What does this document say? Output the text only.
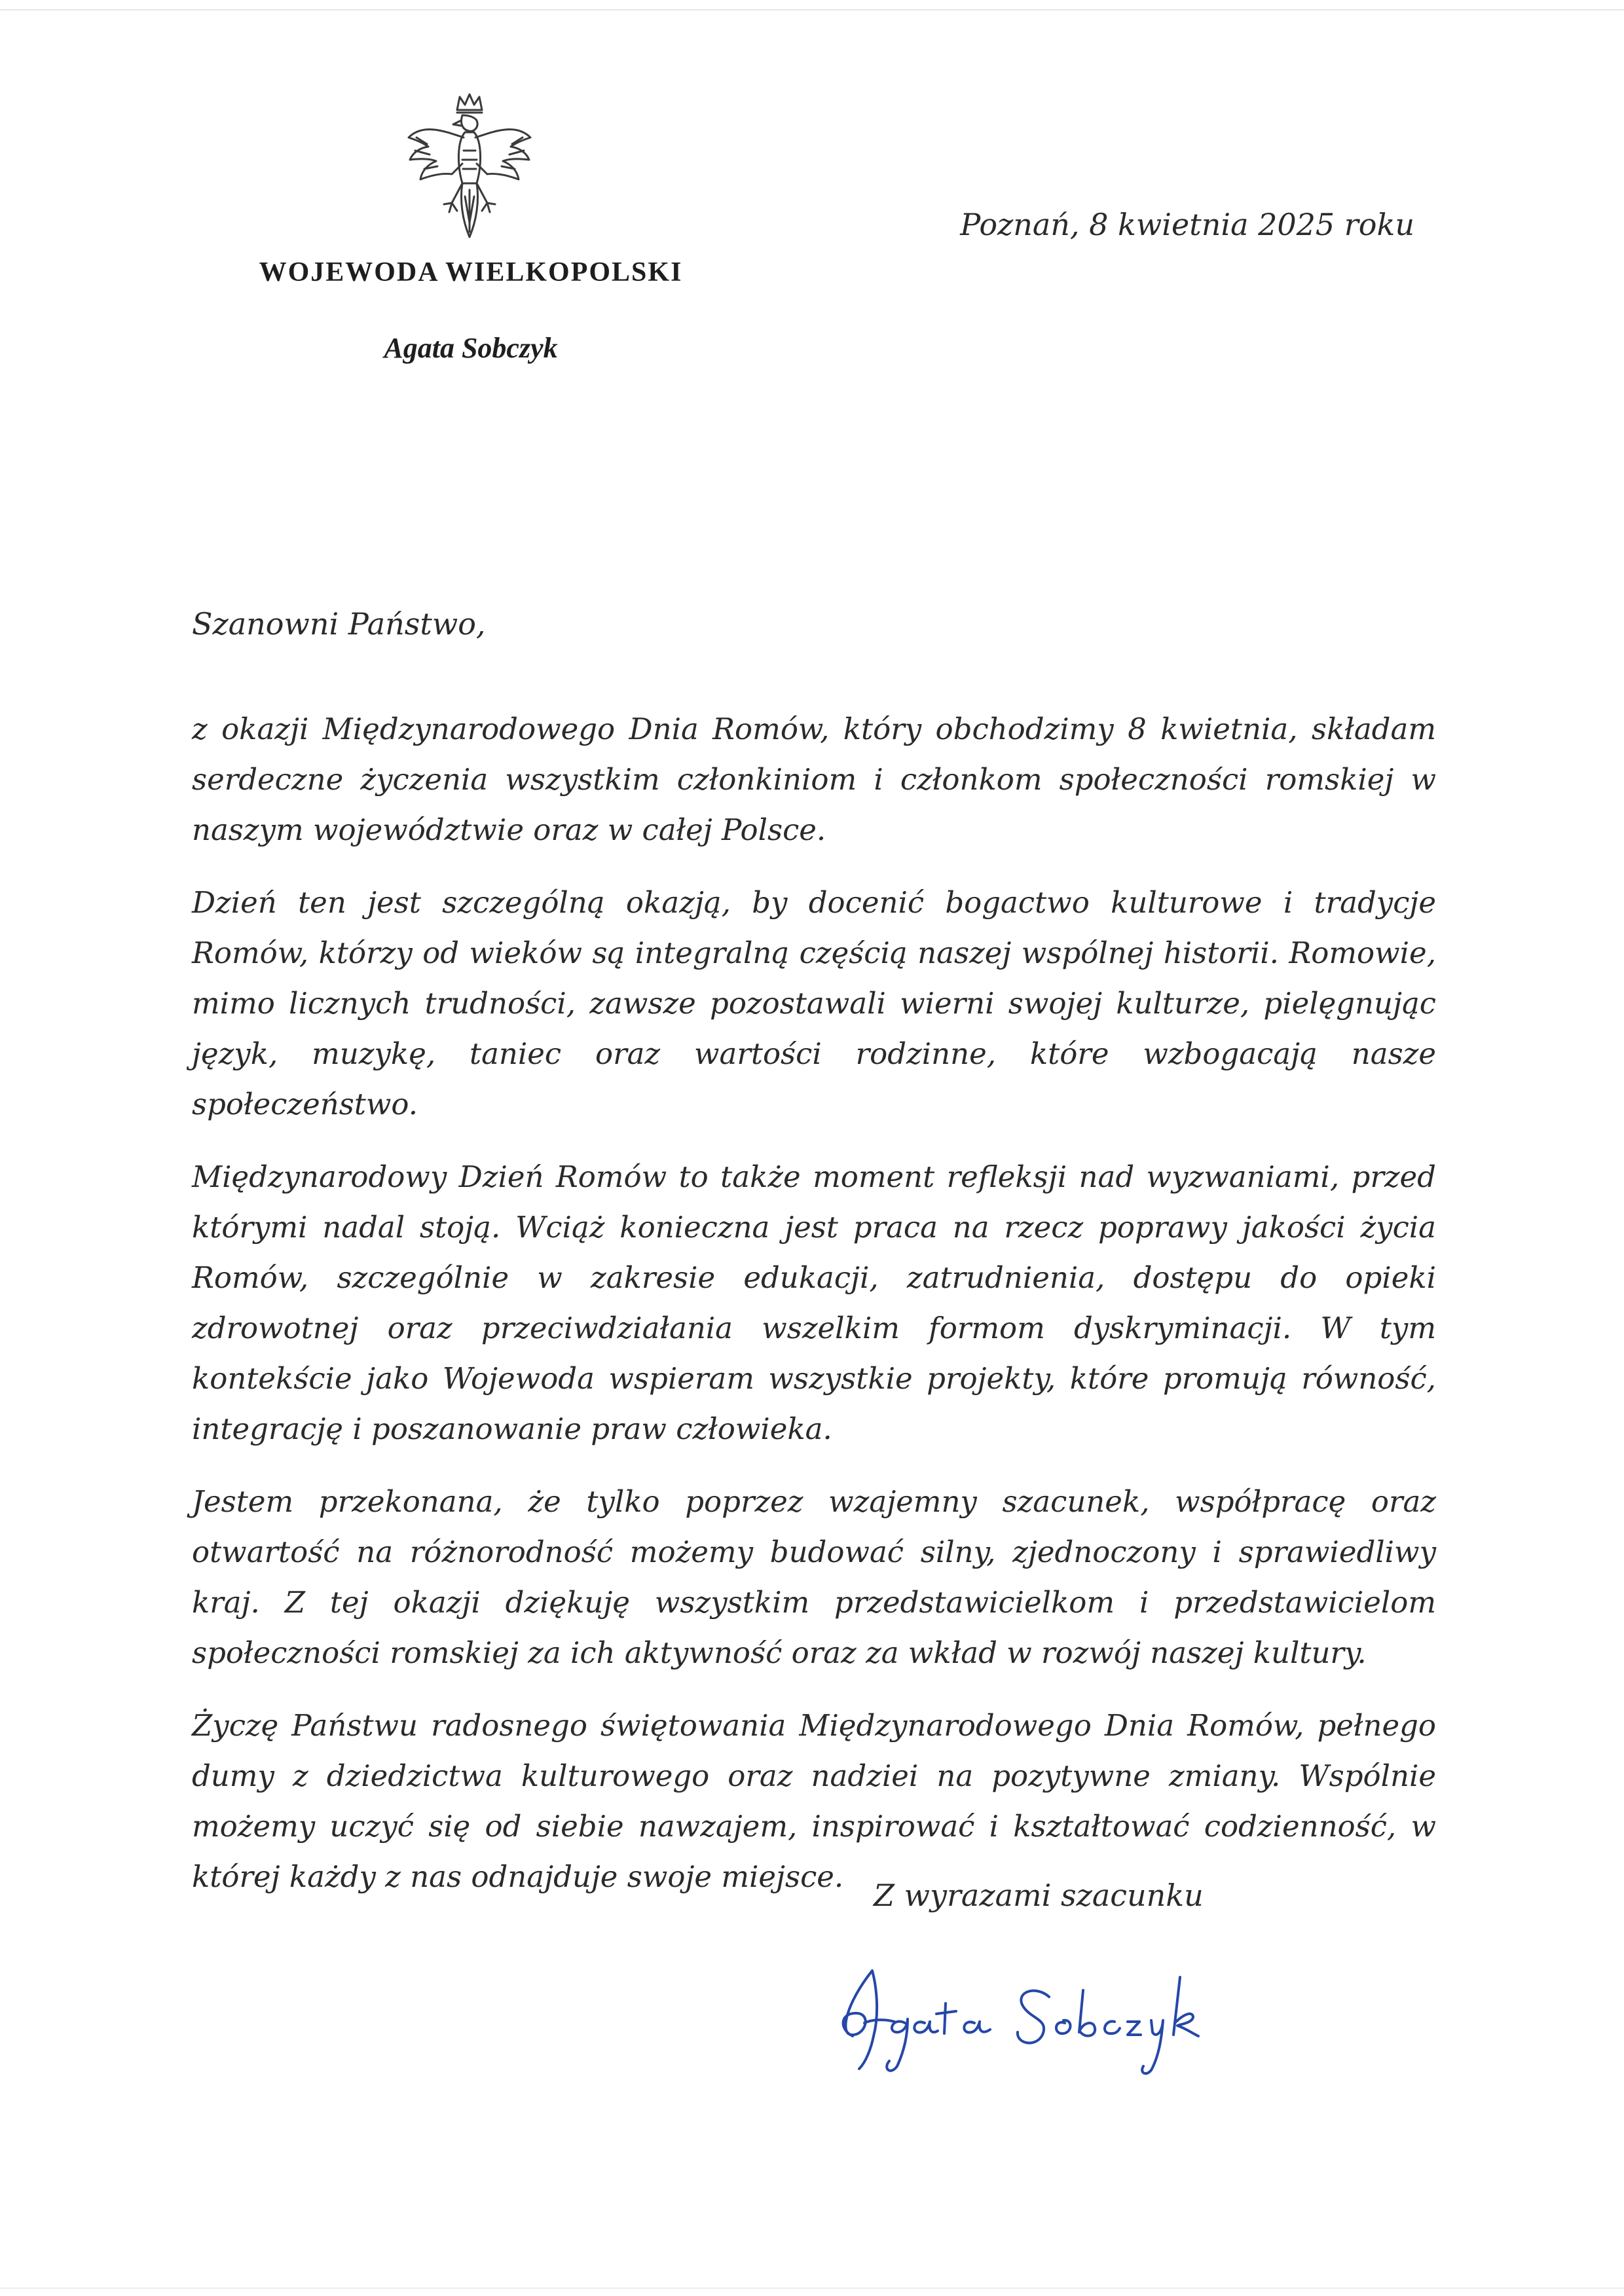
WOJEWODA WIELKOPOLSKI
Agata Sobczyk
Poznań, 8 kwietnia 2025 roku
Szanowni Państwo,

z okazji Międzynarodowego Dnia Romów, który obchodzimy 8 kwietnia, składam serdeczne życzenia wszystkim członkiniom i członkom społeczności romskiej w naszym województwie oraz w całej Polsce.

Dzień ten jest szczególną okazją, by docenić bogactwo kulturowe i tradycje Romów, którzy od wieków są integralną częścią naszej wspólnej historii. Romowie, mimo licznych trudności, zawsze pozostawali wierni swojej kulturze, pielęgnując język, muzykę, taniec oraz wartości rodzinne, które wzbogacają nasze społeczeństwo.

Międzynarodowy Dzień Romów to także moment refleksji nad wyzwaniami, przed którymi nadal stoją. Wciąż konieczna jest praca na rzecz poprawy jakości życia Romów, szczególnie w zakresie edukacji, zatrudnienia, dostępu do opieki zdrowotnej oraz przeciwdziałania wszelkim formom dyskryminacji. W tym kontekście jako Wojewoda wspieram wszystkie projekty, które promują równość, integrację i poszanowanie praw człowieka.

Jestem przekonana, że tylko poprzez wzajemny szacunek, współpracę oraz otwartość na różnorodność możemy budować silny, zjednoczony i sprawiedliwy kraj. Z tej okazji dziękuję wszystkim przedstawicielkom i przedstawicielom społeczności romskiej za ich aktywność oraz za wkład w rozwój naszej kultury.

Życzę Państwu radosnego świętowania Międzynarodowego Dnia Romów, pełnego dumy z dziedzictwa kulturowego oraz nadziei na pozytywne zmiany. Wspólnie możemy uczyć się od siebie nawzajem, inspirować i kształtować codzienność, w której każdy z nas odnajduje swoje miejsce.

Z wyrazami szacunku
